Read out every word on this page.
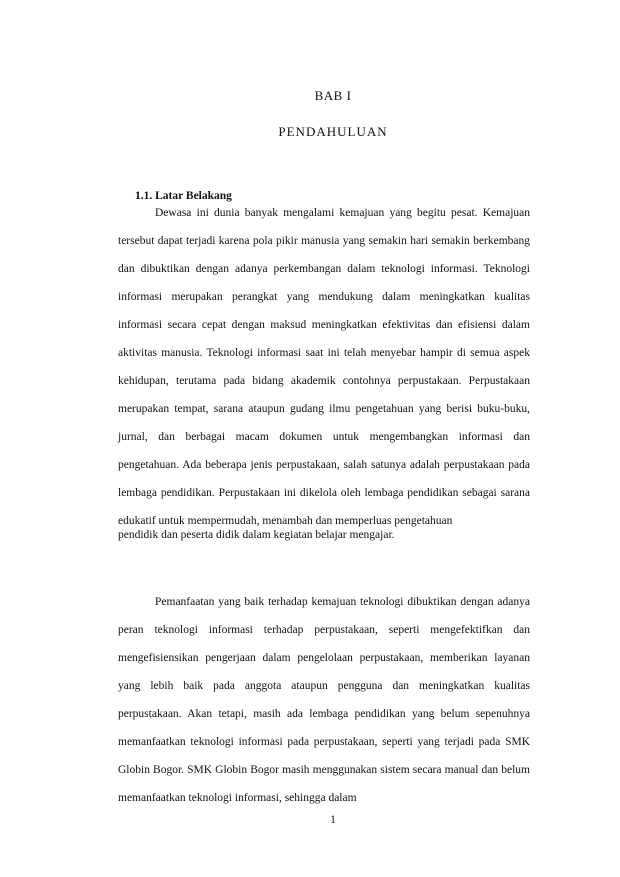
BAB I
PENDAHULUAN
1.1. Latar Belakang

Dewasa ini dunia banyak mengalami kemajuan yang begitu pesat. Kemajuan tersebut dapat terjadi karena pola pikir manusia yang semakin hari semakin berkembang dan dibuktikan dengan adanya perkembangan dalam teknologi informasi. Teknologi informasi merupakan perangkat yang mendukung dalam meningkatkan kualitas informasi secara cepat dengan maksud meningkatkan efektivitas dan efisiensi dalam aktivitas manusia. Teknologi informasi saat ini telah menyebar hampir di semua aspek kehidupan, terutama pada bidang akademik contohnya perpustakaan. Perpustakaan merupakan tempat, sarana ataupun gudang ilmu pengetahuan yang berisi buku-buku, jurnal, dan berbagai macam dokumen untuk mengembangkan informasi dan pengetahuan. Ada beberapa jenis perpustakaan, salah satunya adalah perpustakaan pada lembaga pendidikan. Perpustakaan ini dikelola oleh lembaga pendidikan sebagai sarana edukatif untuk mempermudah, menambah dan memperluas pengetahuan

pendidik dan peserta didik dalam kegiatan belajar mengajar.

Pemanfaatan yang baik terhadap kemajuan teknologi dibuktikan dengan adanya peran teknologi informasi terhadap perpustakaan, seperti mengefektifkan dan mengefisiensikan pengerjaan dalam pengelolaan perpustakaan, memberikan layanan yang lebih baik pada anggota ataupun pengguna dan meningkatkan kualitas perpustakaan. Akan tetapi, masih ada lembaga pendidikan yang belum sepenuhnya memanfaatkan teknologi informasi pada perpustakaan, seperti yang terjadi pada SMK Globin Bogor. SMK Globin Bogor masih menggunakan sistem secara manual dan belum memanfaatkan teknologi informasi, sehingga dalam

1
